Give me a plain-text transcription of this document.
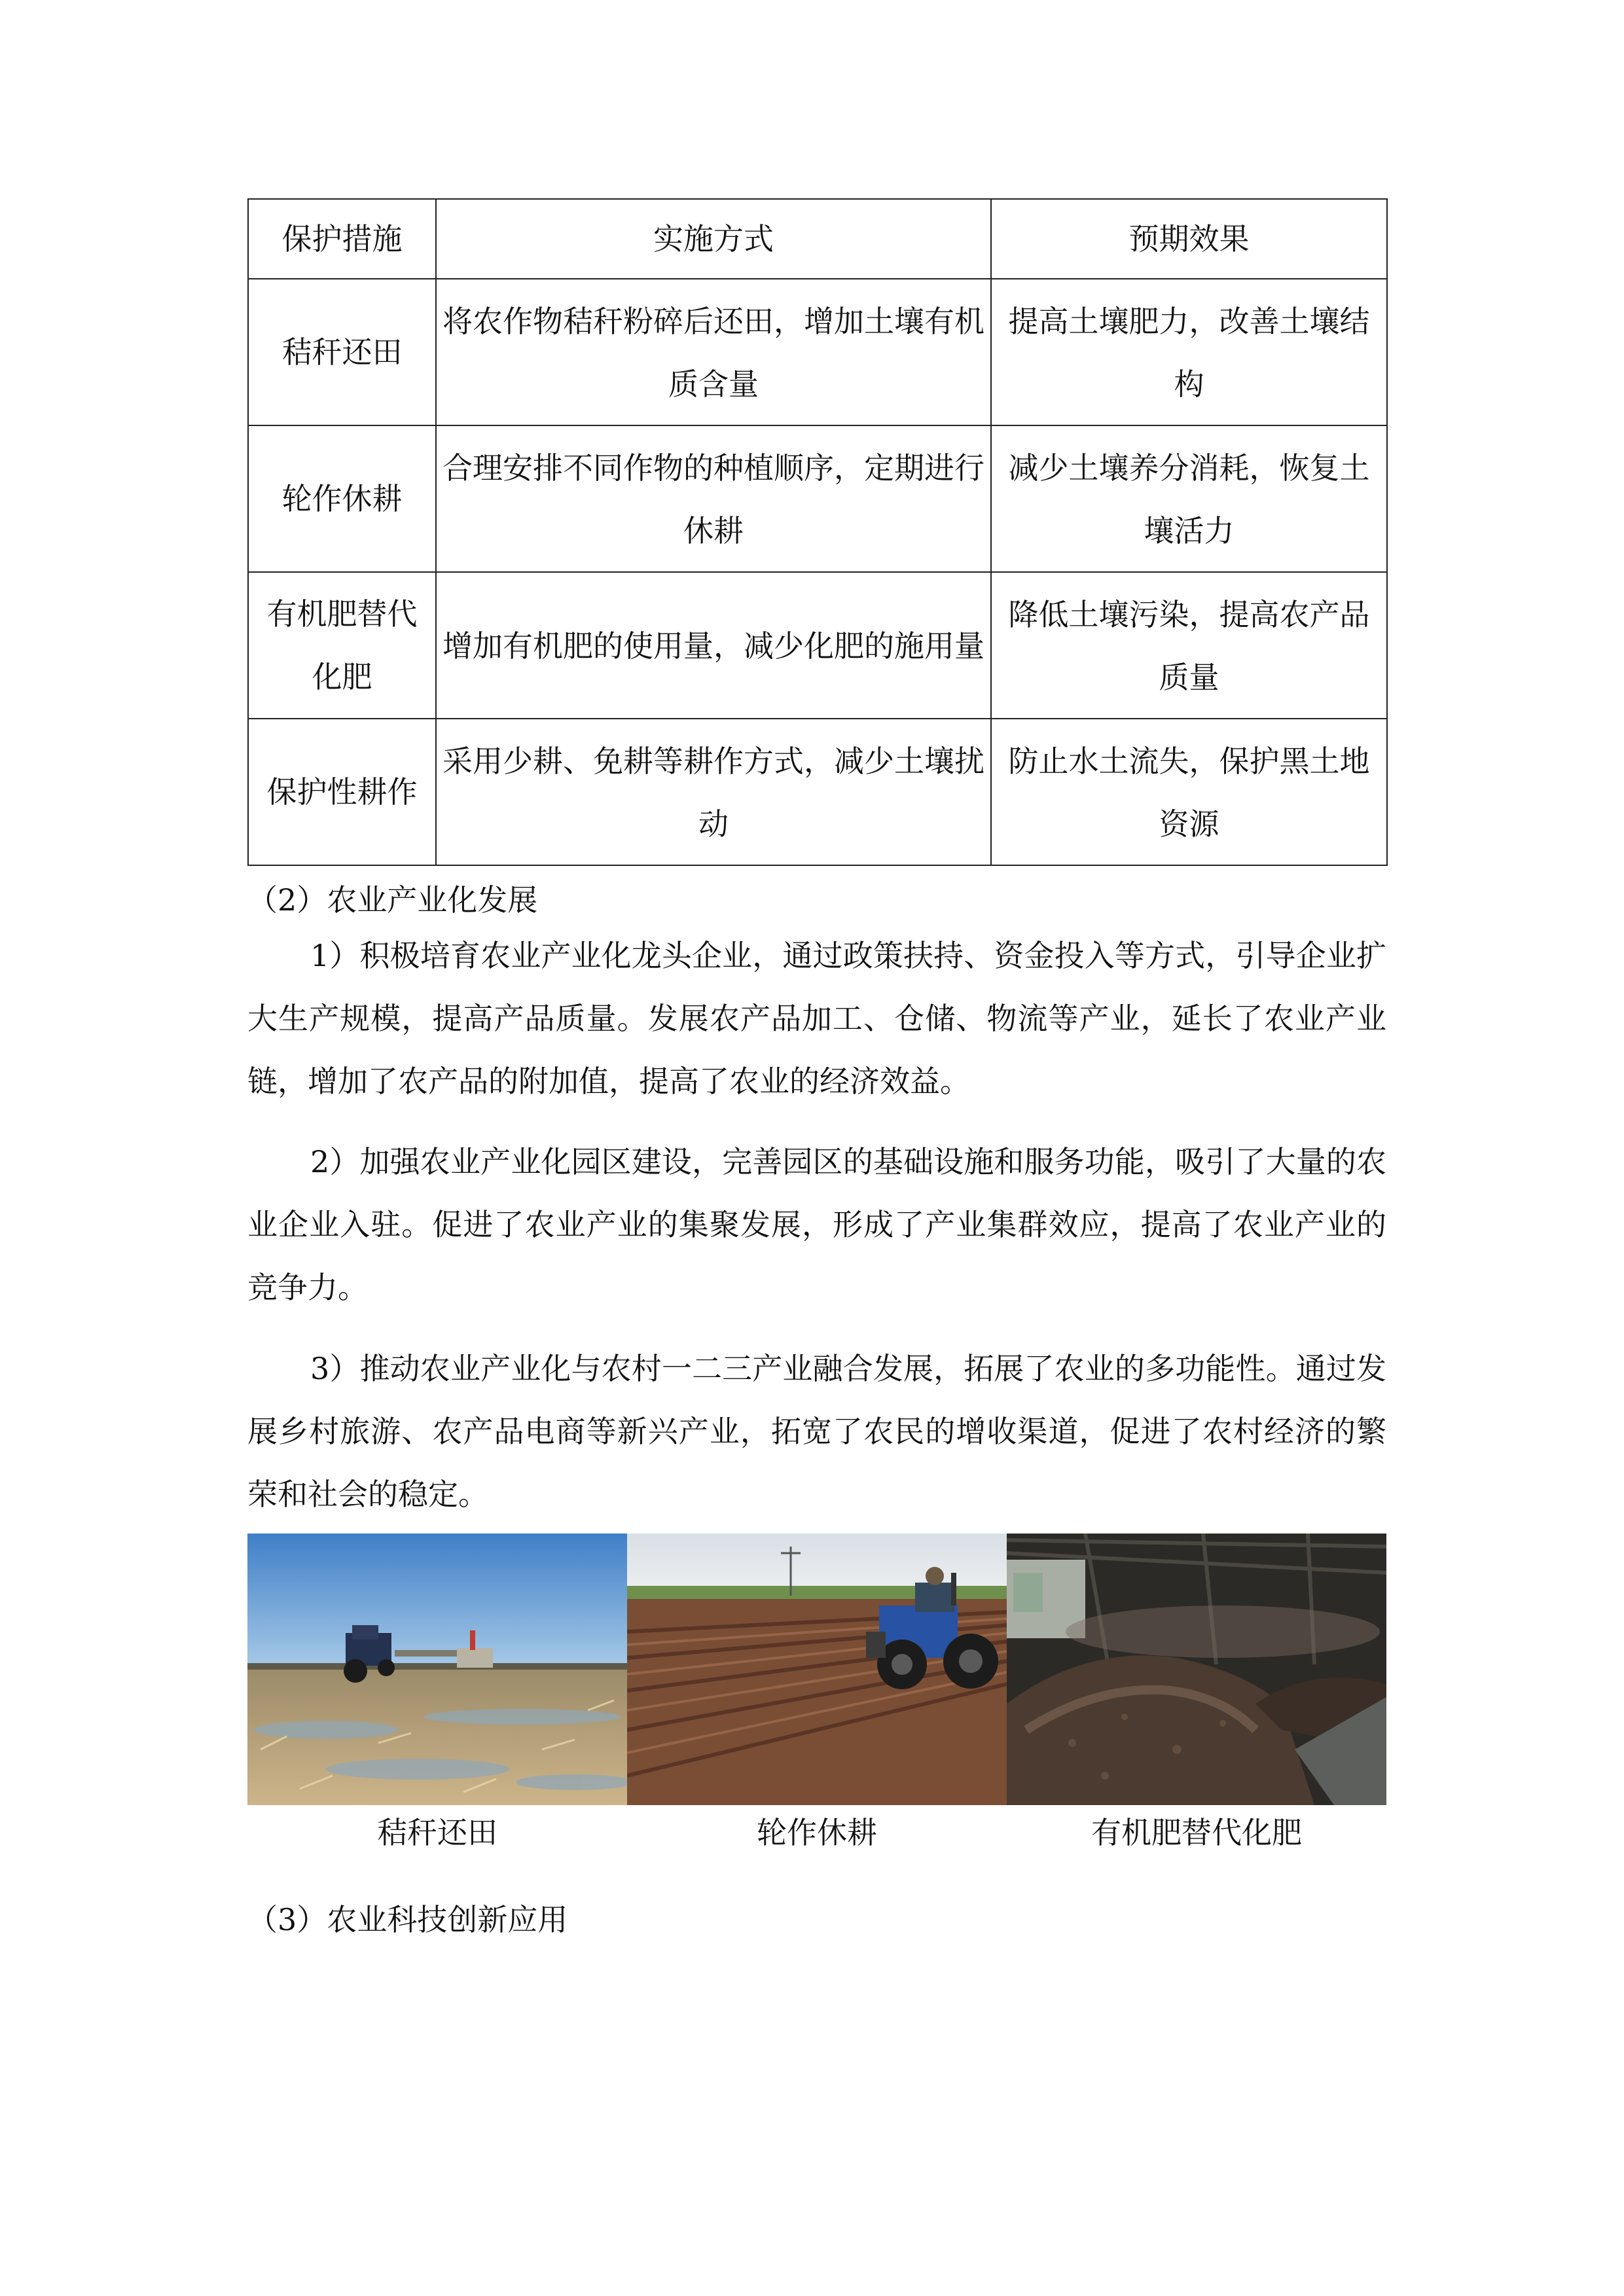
保护措施	实施方式	预期效果
秸秆还田	将农作物秸秆粉碎后还田，增加土壤有机质含量	提高土壤肥力，改善土壤结构
轮作休耕	合理安排不同作物的种植顺序，定期进行休耕	减少土壤养分消耗，恢复土壤活力
有机肥替代化肥	增加有机肥的使用量，减少化肥的施用量	降低土壤污染，提高农产品质量
保护性耕作	采用少耕、免耕等耕作方式，减少土壤扰动	防止水土流失，保护黑土地资源
（2）农业产业化发展
1）积极培育农业产业化龙头企业，通过政策扶持、资金投入等方式，引导企业扩大生产规模，提高产品质量。发展农产品加工、仓储、物流等产业，延长了农业产业链，增加了农产品的附加值，提高了农业的经济效益。
2）加强农业产业化园区建设，完善园区的基础设施和服务功能，吸引了大量的农业企业入驻。促进了农业产业的集聚发展，形成了产业集群效应，提高了农业产业的竞争力。
3）推动农业产业化与农村一二三产业融合发展，拓展了农业的多功能性。通过发展乡村旅游、农产品电商等新兴产业，拓宽了农民的增收渠道，促进了农村经济的繁荣和社会的稳定。
秸秆还田	轮作休耕	有机肥替代化肥
（3）农业科技创新应用
